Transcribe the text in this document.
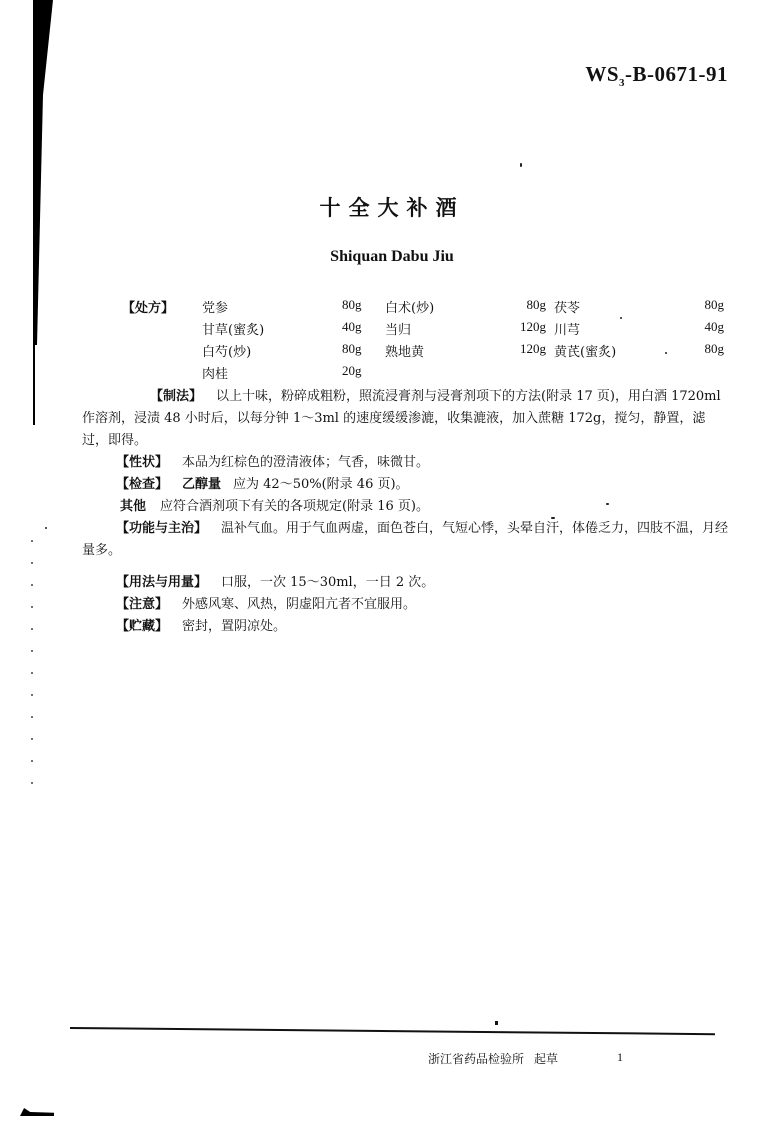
$WS_3-B-0671-91$
十全大补酒
Shiquan Dabu Jiu
【处方】 党参	80g	白术(炒)	80g 茯苓	80g
甘草(蜜炙)	40g	当归	120g 川芎	40g
白芍(炒)	80g	熟地黄	120g 黄芪(蜜炙)	80g
肉桂	20g
【制法】 以上十味，粉碎成粗粉，照流浸膏剂与浸膏剂项下的方法(附录 17 页)，用白酒 1720ml 作溶剂，浸渍 48 小时后，以每分钟 1～3ml 的速度缓缓渗漉，收集漉液，加入蔗糖 172g，搅匀，静置，滤过，即得。
【性状】 本品为红棕色的澄清液体；气香，味微甘。
【检查】 乙醇量 应为 42～50%(附录 46 页)。
其他 应符合酒剂项下有关的各项规定(附录 16 页)。
【功能与主治】 温补气血。用于气血两虚，面色苍白，气短心悸，头晕自汗，体倦乏力，四肢不温，月经量多。
【用法与用量】 口服，一次 15～30ml，一日 2 次。
【注意】 外感风寒、风热，阴虚阳亢者不宜服用。
【贮藏】 密封，置阴凉处。
浙江省药品检验所 起草	1
